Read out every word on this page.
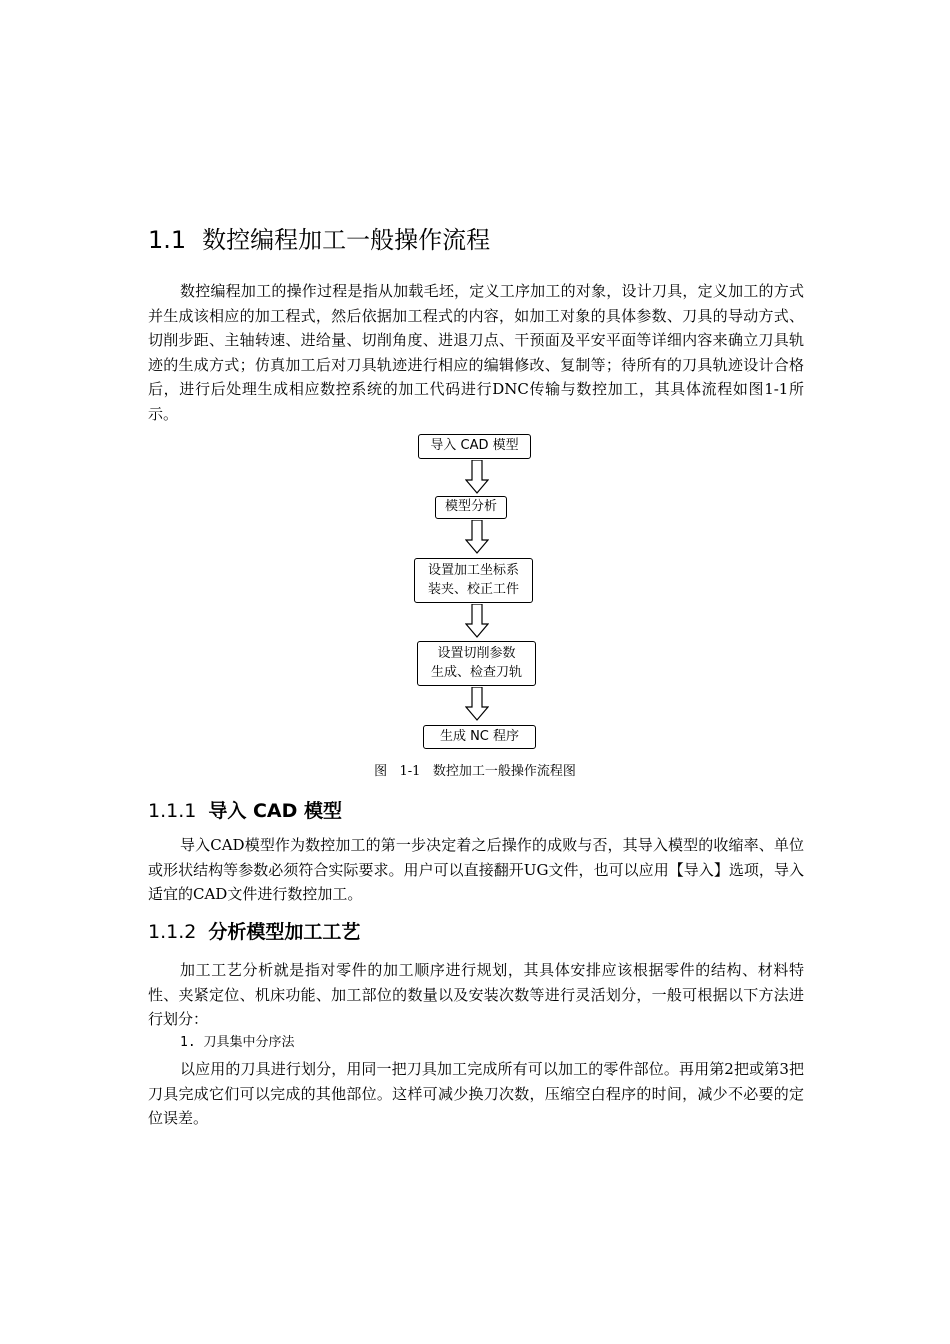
1.1 数控编程加工一般操作流程

数控编程加工的操作过程是指从加载毛坯，定义工序加工的对象，设计刀具，定义加工的方式并生成该相应的加工程式，然后依据加工程式的内容，如加工对象的具体参数、刀具的导动方式、切削步距、主轴转速、进给量、切削角度、进退刀点、干预面及平安平面等详细内容来确立刀具轨迹的生成方式；仿真加工后对刀具轨迹进行相应的编辑修改、复制等；待所有的刀具轨迹设计合格后，进行后处理生成相应数控系统的加工代码进行DNC传输与数控加工，其具体流程如图1-1所示。

导入 CAD 模型
模型分析
设置加工坐标系
装夹、校正工件
设置切削参数
生成、检查刀轨
生成 NC 程序
图   1-1   数控加工一般操作流程图
1.1.1 导入 CAD 模型

导入CAD模型作为数控加工的第一步决定着之后操作的成败与否，其导入模型的收缩率、单位或形状结构等参数必须符合实际要求。用户可以直接翻开UG文件，也可以应用【导入】选项，导入适宜的CAD文件进行数控加工。

1.1.2 分析模型加工工艺

加工工艺分析就是指对零件的加工顺序进行规划，其具体安排应该根据零件的结构、材料特性、夹紧定位、机床功能、加工部位的数量以及安装次数等进行灵活划分，一般可根据以下方法进行划分：

1. 刀具集中分序法

以应用的刀具进行划分，用同一把刀具加工完成所有可以加工的零件部位。再用第2把或第3把刀具完成它们可以完成的其他部位。这样可减少换刀次数，压缩空白程序的时间，减少不必要的定位误差。
